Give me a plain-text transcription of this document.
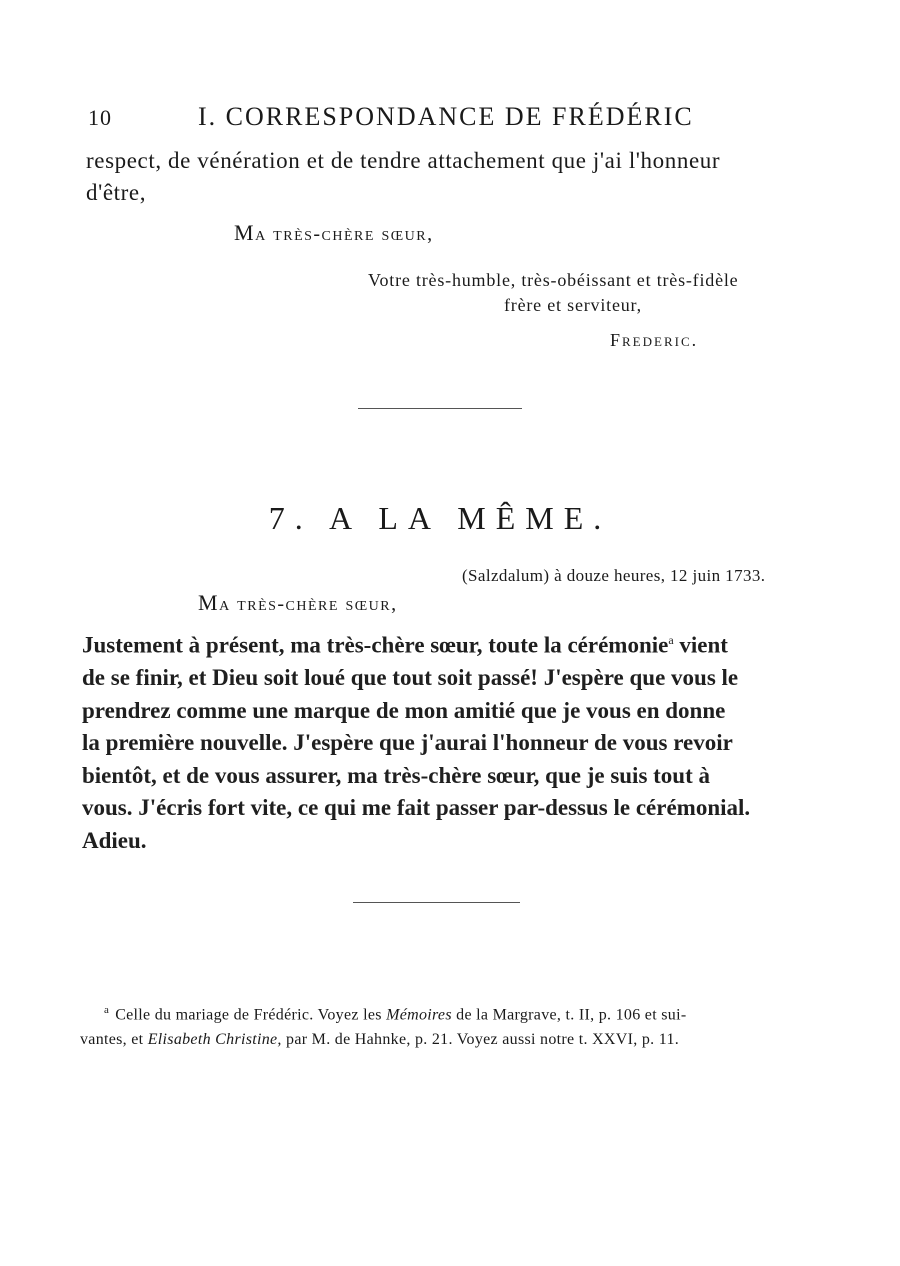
10	I. CORRESPONDANCE DE FRÉDÉRIC
respect, de vénération et de tendre attachement que j'ai l'honneur
d'être,
Ma très-chère sœur,
Votre très-humble, très-obéissant et très-fidèle
frère et serviteur,
Frederic.
7. A LA MÊME.
(Salzdalum) à douze heures, 12 juin 1733.
Ma très-chère sœur,
Justement à présent, ma très-chère sœur, toute la cérémonie$^a$ vient
de se finir, et Dieu soit loué que tout soit passé! J'espère que vous le
prendrez comme une marque de mon amitié que je vous en donne
la première nouvelle. J'espère que j'aurai l'honneur de vous revoir
bientôt, et de vous assurer, ma très-chère sœur, que je suis tout à
vous. J'écris fort vite, ce qui me fait passer par-dessus le cérémonial.
Adieu.
$^a$ Celle du mariage de Frédéric. Voyez les Mémoires de la Margrave, t. II, p. 106 et sui-
vantes, et Elisabeth Christine, par M. de Hahnke, p. 21. Voyez aussi notre t. XXVI, p. 11.
